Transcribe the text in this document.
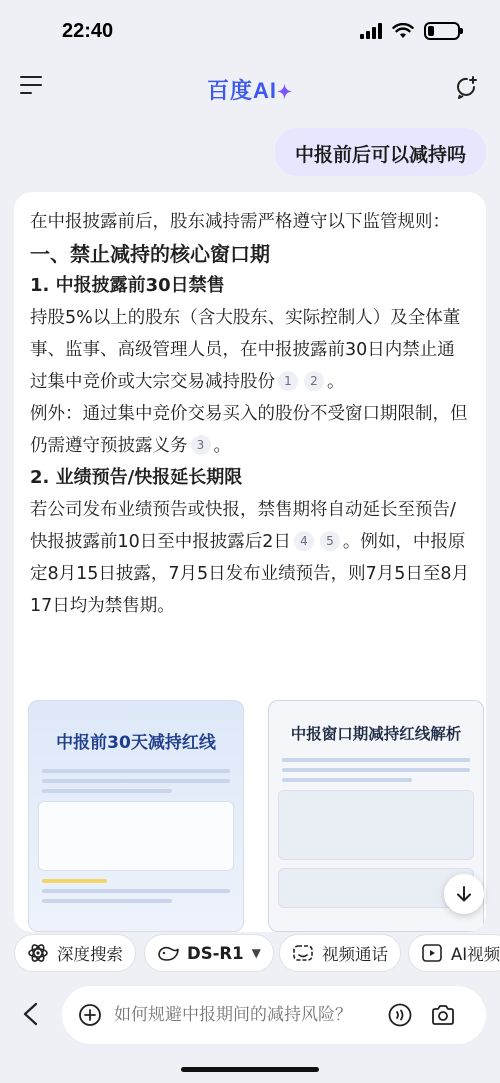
22:40
百度AI✦
中报前后可以减持吗

在中报披露前后，股东减持需严格遵守以下监管规则：

一、禁止减持的核心窗口期

1. 中报披露前30日禁售

持股5%以上的股东（含大股东、实际控制人）及全体董事、监事、高级管理人员，在中报披露前30日内禁止通过集中竞价或大宗交易减持股份 1 2 。

例外：通过集中竞价交易买入的股份不受窗口期限制，但仍需遵守预披露义务 3 。

2. 业绩预告/快报延长期限

若公司发布业绩预告或快报，禁售期将自动延长至预告/快报披露前10日至中报披露后2日 4 5 。例如，中报原定8月15日披露，7月5日发布业绩预告，则7月5日至8月17日均为禁售期。

中报前30天减持红线	中报窗口期减持红线解析
深度搜索	DS-R1 ▼	视频通话	AI视频
如何规避中报期间的减持风险？
